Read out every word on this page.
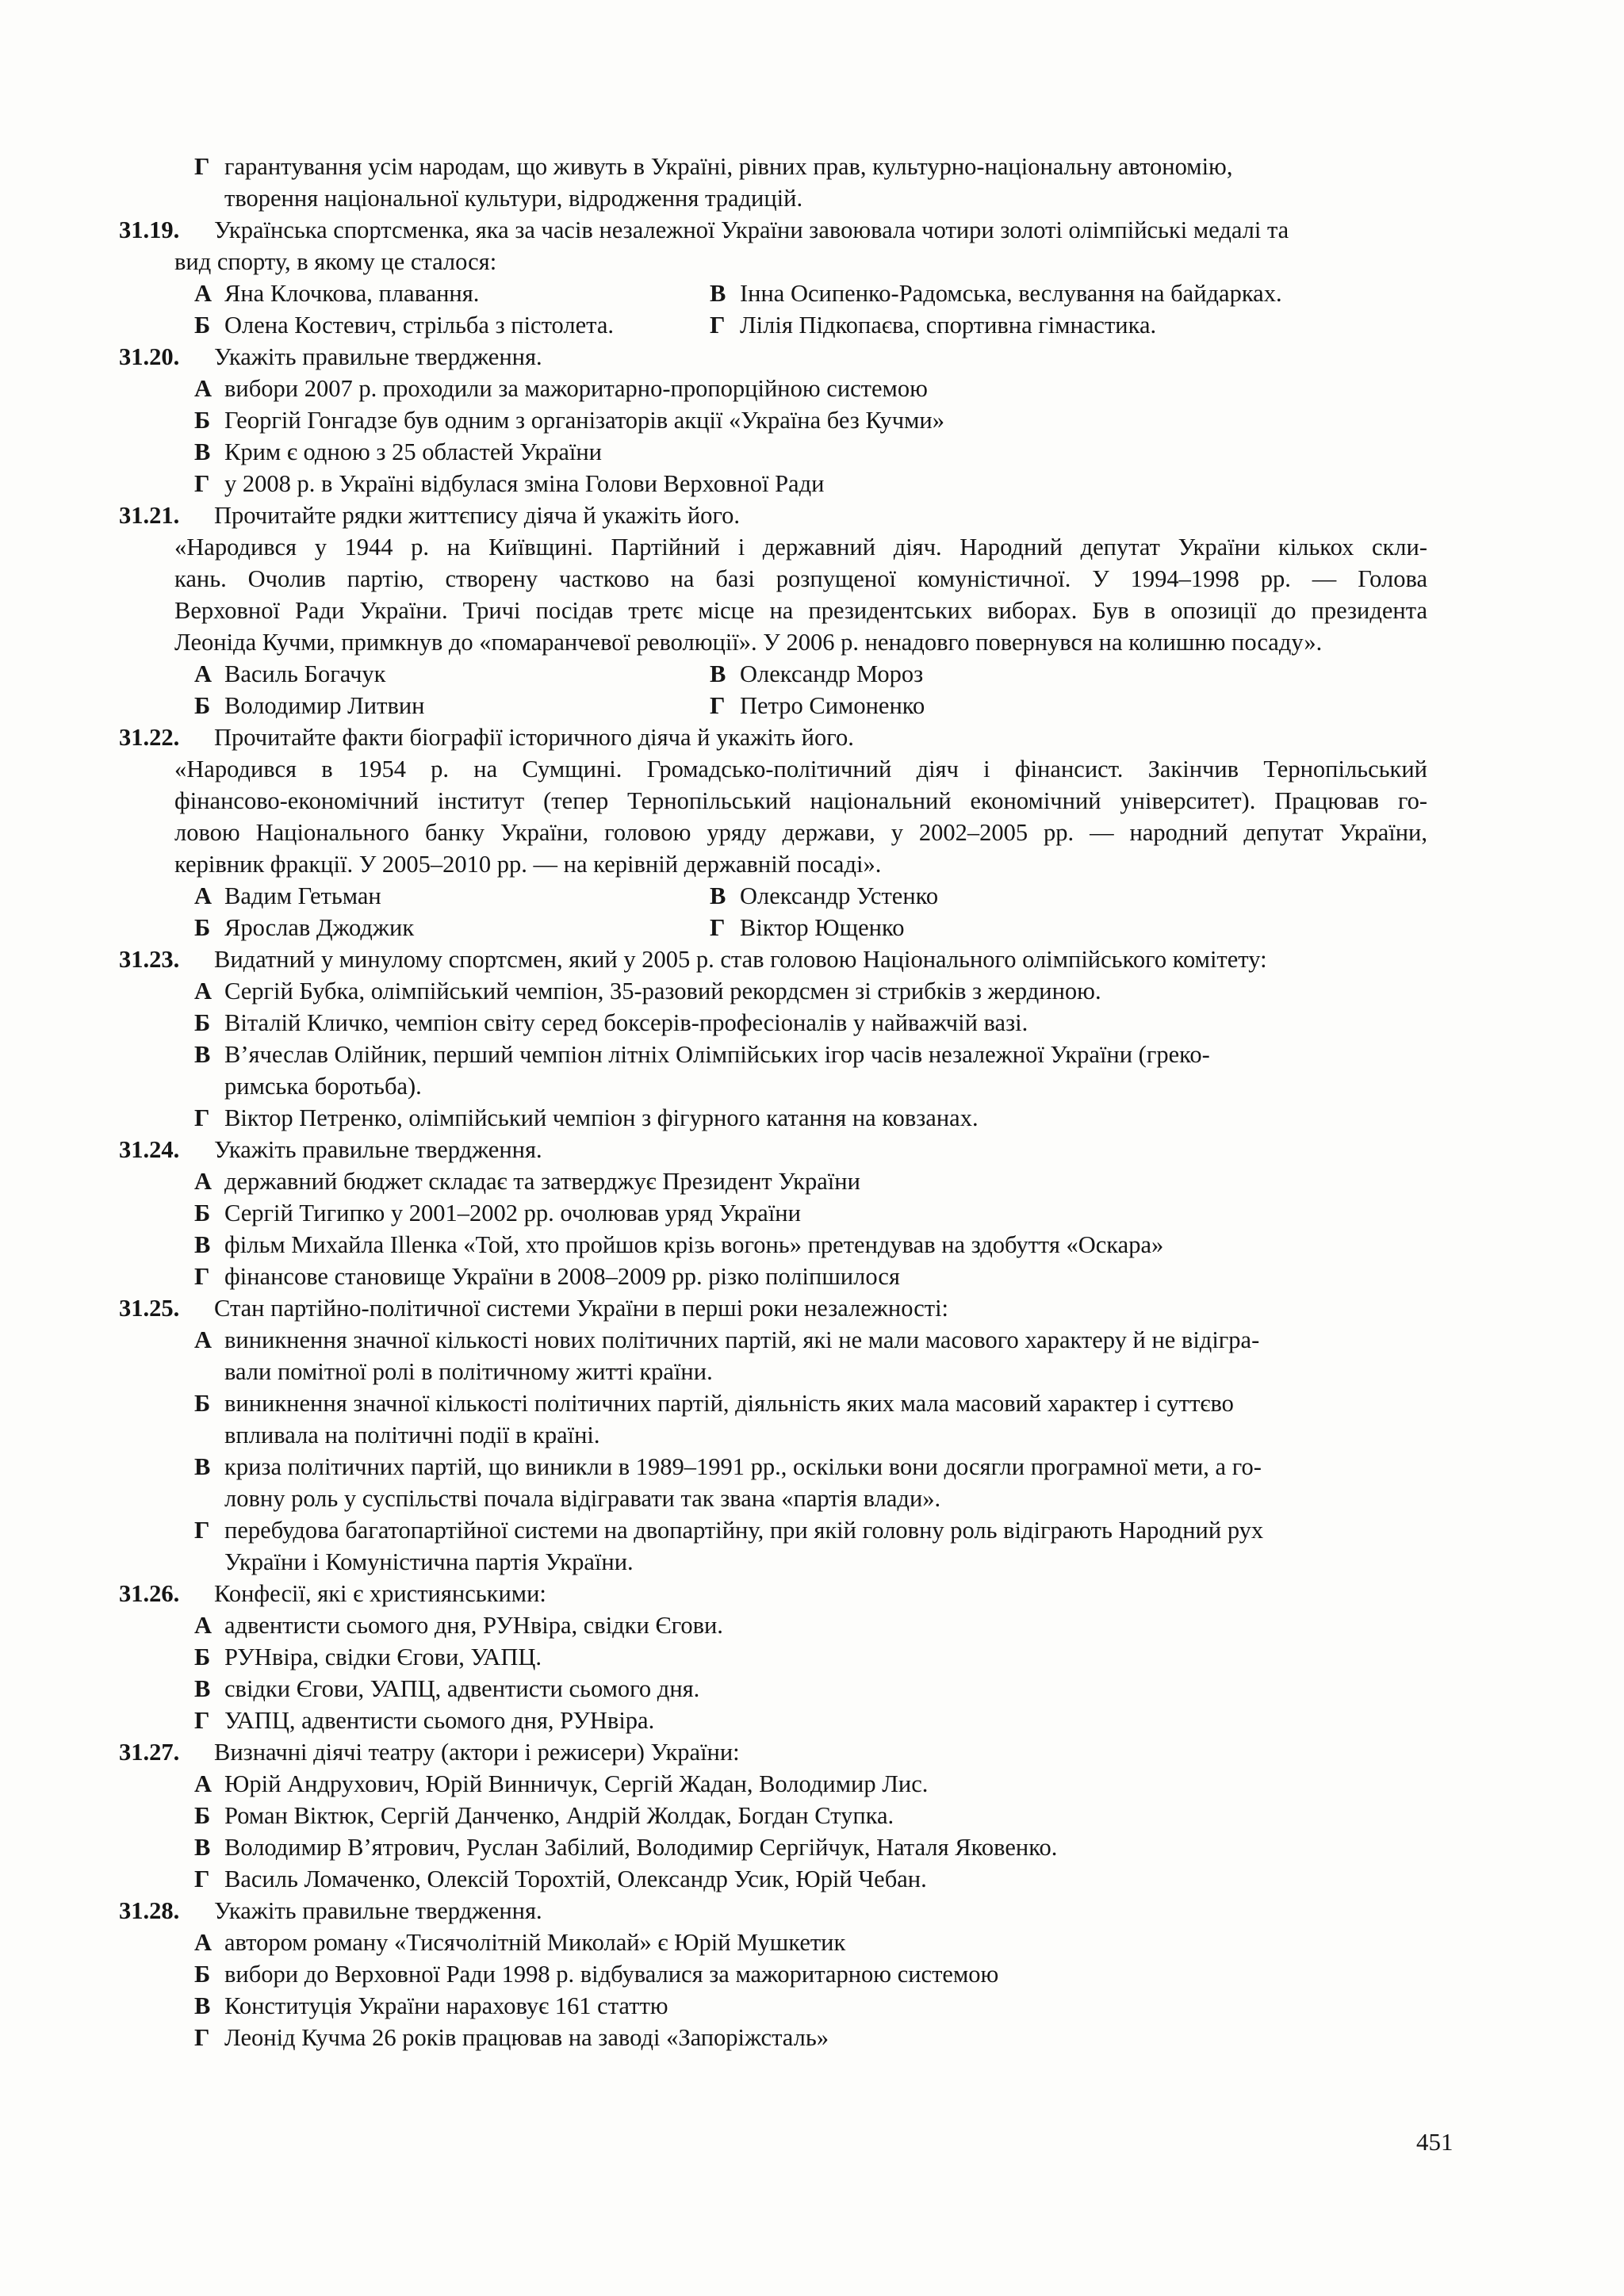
Г гарантування усім народам, що живуть в Україні, рівних прав, культурно-національну автономію,
творення національної культури, відродження традицій.
31.19.	Українська спортсменка, яка за часів незалежної України завоювала чотири золоті олімпійські медалі та
вид спорту, в якому це сталося:
А Яна Клочкова, плавання.	В Інна Осипенко-Радомська, веслування на байдарках.
Б Олена Костевич, стрільба з пістолета.	Г Лілія Підкопаєва, спортивна гімнастика.
31.20.	Укажіть правильне твердження.
А вибори 2007 р. проходили за мажоритарно-пропорційною системою
Б Георгій Гонгадзе був одним з організаторів акції «Україна без Кучми»
В Крим є одною з 25 областей України
Г у 2008 р. в Україні відбулася зміна Голови Верховної Ради
31.21.	Прочитайте рядки життєпису діяча й укажіть його.
«Народився у 1944 р. на Київщині. Партійний і державний діяч. Народний депутат України кількох скли-
кань. Очолив партію, створену частково на базі розпущеної комуністичної. У 1994–1998 рр. — Голова
Верховної Ради України. Тричі посідав третє місце на президентських виборах. Був в опозиції до президента
Леоніда Кучми, примкнув до «помаранчевої революції». У 2006 р. ненадовго повернувся на колишню посаду».
А Василь Богачук	В Олександр Мороз
Б Володимир Литвин	Г Петро Симоненко
31.22.	Прочитайте факти біографії історичного діяча й укажіть його.
«Народився в 1954 р. на Сумщині. Громадсько-політичний діяч і фінансист. Закінчив Тернопільський
фінансово-економічний інститут (тепер Тернопільський національний економічний університет). Працював го-
ловою Національного банку України, головою уряду держави, у 2002–2005 рр. — народний депутат України,
керівник фракції. У 2005–2010 рр. — на керівній державній посаді».
А Вадим Гетьман	В Олександр Устенко
Б Ярослав Джоджик	Г Віктор Ющенко
31.23.	Видатний у минулому спортсмен, який у 2005 р. став головою Національного олімпійського комітету:
А Сергій Бубка, олімпійський чемпіон, 35-разовий рекордсмен зі стрибків з жердиною.
Б Віталій Кличко, чемпіон світу серед боксерів-професіоналів у найважчій вазі.
В В’ячеслав Олійник, перший чемпіон літніх Олімпійських ігор часів незалежної України (греко-
римська боротьба).
Г Віктор Петренко, олімпійський чемпіон з фігурного катання на ковзанах.
31.24.	Укажіть правильне твердження.
А державний бюджет складає та затверджує Президент України
Б Сергій Тигипко у 2001–2002 рр. очолював уряд України
В фільм Михайла Illенка «Той, хто пройшов крізь вогонь» претендував на здобуття «Оскара»
Г фінансове становище України в 2008–2009 рр. різко поліпшилося
31.25.	Стан партійно-політичної системи України в перші роки незалежності:
А виникнення значної кількості нових політичних партій, які не мали масового характеру й не відігра-
вали помітної ролі в політичному житті країни.
Б виникнення значної кількості політичних партій, діяльність яких мала масовий характер і суттєво
впливала на політичні події в країні.
В криза політичних партій, що виникли в 1989–1991 рр., оскільки вони досягли програмної мети, а го-
ловну роль у суспільстві почала відігравати так звана «партія влади».
Г перебудова багатопартійної системи на двопартійну, при якій головну роль відіграють Народний рух
України і Комуністична партія України.
31.26.	Конфесії, які є християнськими:
А адвентисти сьомого дня, РУНвіра, свідки Єгови.
Б РУНвіра, свідки Єгови, УАПЦ.
В свідки Єгови, УАПЦ, адвентисти сьомого дня.
Г УАПЦ, адвентисти сьомого дня, РУНвіра.
31.27.	Визначні діячі театру (актори і режисери) України:
А Юрій Андрухович, Юрій Винничук, Сергій Жадан, Володимир Лис.
Б Роман Віктюк, Сергій Данченко, Андрій Жолдак, Богдан Ступка.
В Володимир В’ятрович, Руслан Забілий, Володимир Сергійчук, Наталя Яковенко.
Г Василь Ломаченко, Олексій Торохтій, Олександр Усик, Юрій Чебан.
31.28.	Укажіть правильне твердження.
А автором роману «Тисячолітній Миколай» є Юрій Мушкетик
Б вибори до Верховної Ради 1998 р. відбувалися за мажоритарною системою
В Конституція України нараховує 161 статтю
Г Леонід Кучма 26 років працював на заводі «Запоріжсталь»
451
